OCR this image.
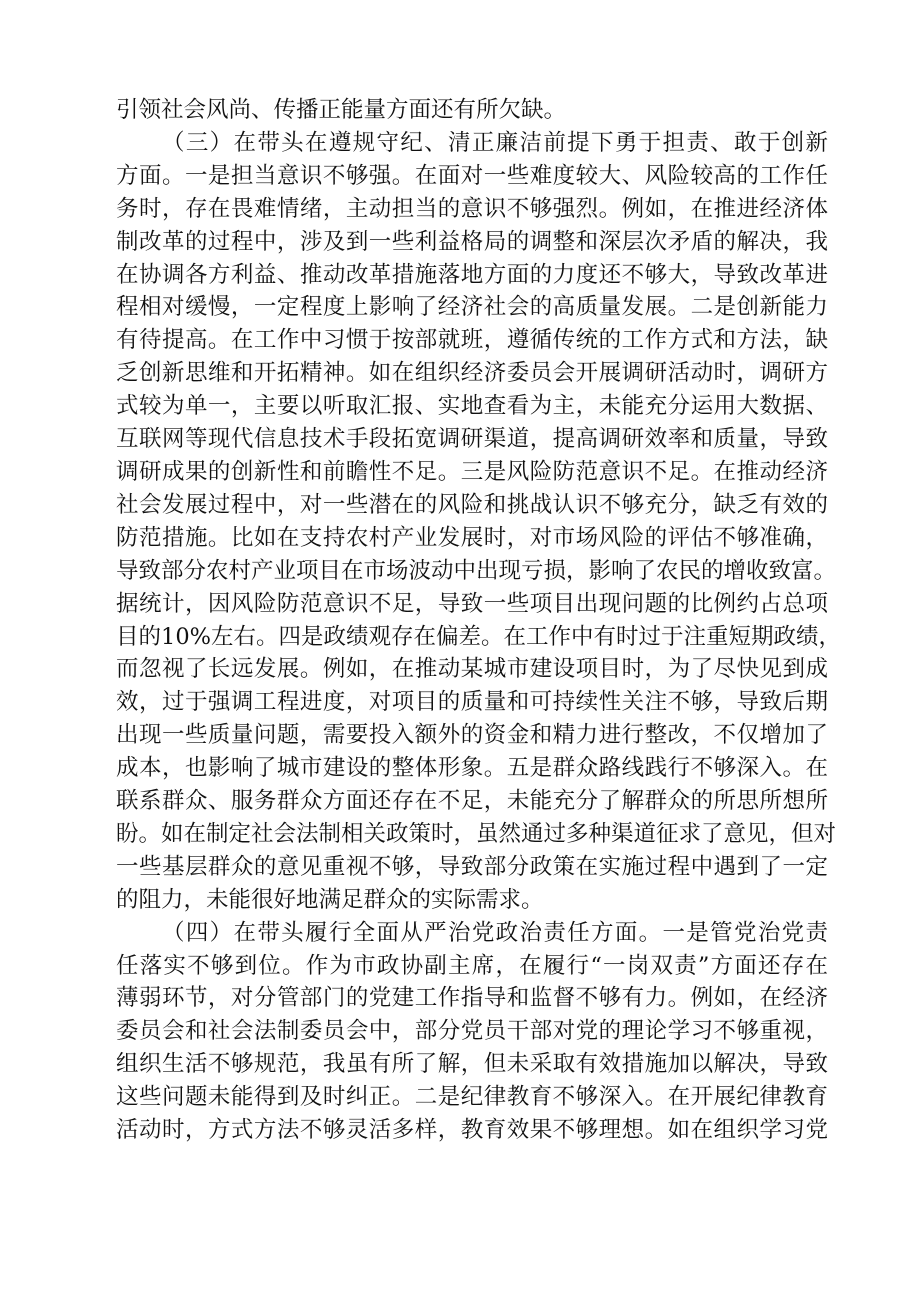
引领社会风尚、传播正能量方面还有所欠缺。
（三）在带头在遵规守纪、清正廉洁前提下勇于担责、敢于创新
方面。一是担当意识不够强。在面对一些难度较大、风险较高的工作任
务时，存在畏难情绪，主动担当的意识不够强烈。例如，在推进经济体
制改革的过程中，涉及到一些利益格局的调整和深层次矛盾的解决，我
在协调各方利益、推动改革措施落地方面的力度还不够大，导致改革进
程相对缓慢，一定程度上影响了经济社会的高质量发展。二是创新能力
有待提高。在工作中习惯于按部就班，遵循传统的工作方式和方法，缺
乏创新思维和开拓精神。如在组织经济委员会开展调研活动时，调研方
式较为单一，主要以听取汇报、实地查看为主，未能充分运用大数据、
互联网等现代信息技术手段拓宽调研渠道，提高调研效率和质量，导致
调研成果的创新性和前瞻性不足。三是风险防范意识不足。在推动经济
社会发展过程中，对一些潜在的风险和挑战认识不够充分，缺乏有效的
防范措施。比如在支持农村产业发展时，对市场风险的评估不够准确，
导致部分农村产业项目在市场波动中出现亏损，影响了农民的增收致富。
据统计，因风险防范意识不足，导致一些项目出现问题的比例约占总项
目的10%左右。四是政绩观存在偏差。在工作中有时过于注重短期政绩，
而忽视了长远发展。例如，在推动某城市建设项目时，为了尽快见到成
效，过于强调工程进度，对项目的质量和可持续性关注不够，导致后期
出现一些质量问题，需要投入额外的资金和精力进行整改，不仅增加了
成本，也影响了城市建设的整体形象。五是群众路线践行不够深入。在
联系群众、服务群众方面还存在不足，未能充分了解群众的所思所想所
盼。如在制定社会法制相关政策时，虽然通过多种渠道征求了意见，但对
一些基层群众的意见重视不够，导致部分政策在实施过程中遇到了一定
的阻力，未能很好地满足群众的实际需求。
（四）在带头履行全面从严治党政治责任方面。一是管党治党责
任落实不够到位。作为市政协副主席，在履行“一岗双责”方面还存在
薄弱环节，对分管部门的党建工作指导和监督不够有力。例如，在经济
委员会和社会法制委员会中，部分党员干部对党的理论学习不够重视，
组织生活不够规范，我虽有所了解，但未采取有效措施加以解决，导致
这些问题未能得到及时纠正。二是纪律教育不够深入。在开展纪律教育
活动时，方式方法不够灵活多样，教育效果不够理想。如在组织学习党
